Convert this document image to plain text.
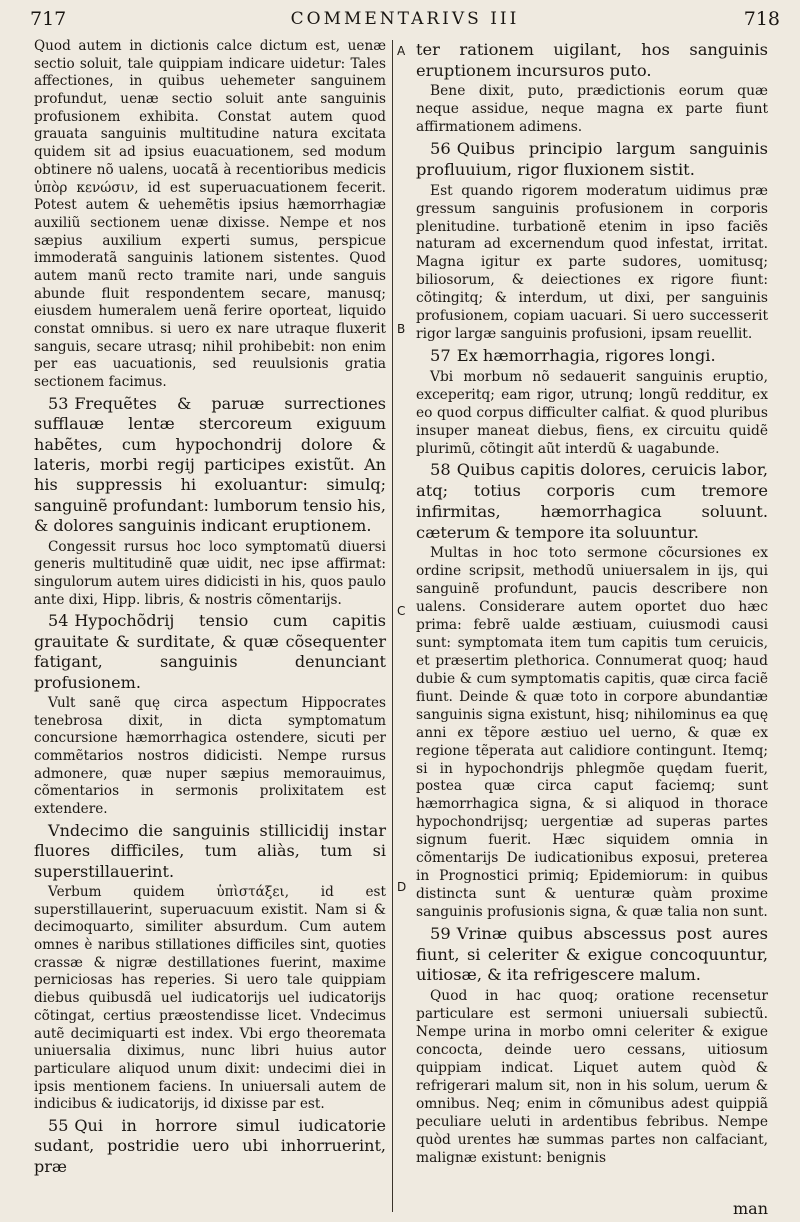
717	COMMENTARIVS III	718
A
B
C
D

Quod autem in dictionis calce dictum est, uenæ sectio soluit, tale quippiam indicare uidetur: Tales affectiones, in quibus uehemeter sanguinem profundut, uenæ sectio soluit ante sanguinis profusionem exhibita. Constat autem quod grauata sanguinis multitudine natura excitata quidem sit ad ipsius euacuationem, sed modum obtinere nõ ualens, uocatã à recentioribus medicis ὑπὸρ κενώσιν, id est superuacuationem fecerit. Potest autem & uehemẽtis ipsius hæmorrhagiæ auxiliũ sectionem uenæ dixisse. Nempe et nos sæpius auxilium experti sumus, perspicue immoderatã sanguinis lationem sistentes. Quod autem manũ recto tramite nari, unde sanguis abunde fluit respondentem secare, manusq; eiusdem humeralem uenã ferire oporteat, liquido constat omnibus. si uero ex nare utraque fluxerit sanguis, secare utrasq; nihil prohibebit: non enim per eas uacuationis, sed reuulsionis gratia sectionem facimus.

53 Frequẽtes & paruæ surrectiones sufflauæ lentæ stercoreum exiguum habẽtes, cum hypochondrij dolore & lateris, morbi regij participes existũt. An his suppressis hi exoluantur: simulq; sanguinẽ profundant: lumborum tensio his, & dolores sanguinis indicant eruptionem.

Congessit rursus hoc loco symptomatũ diuersi generis multitudinẽ quæ uidit, nec ipse affirmat: singulorum autem uires didicisti in his, quos paulo ante dixi, Hipp. libris, & nostris cõmentarijs.

54 Hypochõdrij tensio cum capitis grauitate & surditate, & quæ cõsequenter fatigant, sanguinis denunciant profusionem.

Vult sanẽ quę circa aspectum Hippocrates tenebrosa dixit, in dicta symptomatum concursione hæmorrhagica ostendere, sicuti per commẽtarios nostros didicisti. Nempe rursus admonere, quæ nuper sæpius memorauimus, cõmentarios in sermonis prolixitatem est extendere.

Vndecimo die sanguinis stillicidij instar fluores difficiles, tum aliàs, tum si superstillauerint.

Verbum quidem ὑπὶστάξει, id est superstillauerint, superuacuum existit. Nam si & decimoquarto, similiter absurdum. Cum autem omnes è naribus stillationes difficiles sint, quoties crassæ & nigræ destillationes fuerint, maxime perniciosas has reperies. Si uero tale quippiam diebus quibusdã uel iudicatorijs uel iudicatorijs cõtingat, certius præostendisse licet. Vndecimus autẽ decimiquarti est index. Vbi ergo theoremata uniuersalia diximus, nunc libri huius autor particulare aliquod unum dixit: undecimi diei in ipsis mentionem faciens. In uniuersali autem de indicibus & iudicatorijs, id dixisse par est.

55 Qui in horrore simul iudicatorie sudant, postridie uero ubi inhorruerint, præ

ter rationem uigilant, hos sanguinis eruptionem incursuros puto.

Bene dixit, puto, prædictionis eorum quæ neque assidue, neque magna ex parte fiunt affirmationem adimens.

56 Quibus principio largum sanguinis profluuium, rigor fluxionem sistit.

Est quando rigorem moderatum uidimus præ gressum sanguinis profusionem in corporis plenitudine. turbationẽ etenim in ipso faciẽs naturam ad excernendum quod infestat, irritat. Magna igitur ex parte sudores, uomitusq; biliosorum, & deiectiones ex rigore fiunt: cõtingitq; & interdum, ut dixi, per sanguinis profusionem, copiam uacuari. Si uero successerit rigor largæ sanguinis profusioni, ipsam reuellit.

57 Ex hæmorrhagia, rigores longi.

Vbi morbum nõ sedauerit sanguinis eruptio, exceperitq; eam rigor, utrunq; longũ redditur, ex eo quod corpus difficulter calfiat. & quod pluribus insuper maneat diebus, fiens, ex circuitu quidẽ plurimũ, cõtingit aũt interdũ & uagabunde.

58 Quibus capitis dolores, ceruicis labor, atq; totius corporis cum tremore infirmitas, hæmorrhagica soluunt. cæterum & tempore ita soluuntur.

Multas in hoc toto sermone cõcursiones ex ordine scripsit, methodũ uniuersalem in ijs, qui sanguinẽ profundunt, paucis describere non ualens. Considerare autem oportet duo hæc prima: febrẽ ualde æstiuam, cuiusmodi causi sunt: symptomata item tum capitis tum ceruicis, et præsertim plethorica. Connumerat quoq; haud dubie & cum symptomatis capitis, quæ circa faciẽ fiunt. Deinde & quæ toto in corpore abundantiæ sanguinis signa existunt, hisq; nihilominus ea quę anni ex tẽpore æstiuo uel uerno, & quæ ex regione tẽperata aut calidiore contingunt. Itemq; si in hypochondrijs phlegmõe quędam fuerit, postea quæ circa caput faciemq; sunt hæmorrhagica signa, & si aliquod in thorace hypochondrijsq; uergentiæ ad superas partes signum fuerit. Hæc siquidem omnia in cõmentarijs De iudicationibus exposui, preterea in Prognostici primiq; Epidemiorum: in quibus distincta sunt & uenturæ quàm proxime sanguinis profusionis signa, & quæ talia non sunt.

59 Vrinæ quibus abscessus post aures fiunt, si celeriter & exigue concoquuntur, uitiosæ, & ita refrigescere malum.

Quod in hac quoq; oratione recensetur particulare est sermoni uniuersali subiectũ. Nempe urina in morbo omni celeriter & exigue concocta, deinde uero cessans, uitiosum quippiam indicat. Liquet autem quòd & refrigerari malum sit, non in his solum, uerum & omnibus. Neq; enim in cõmunibus adest quippiã peculiare ueluti in ardentibus febribus. Nempe quòd urentes hæ summas partes non calfaciant, malignæ existunt: benignis

man
